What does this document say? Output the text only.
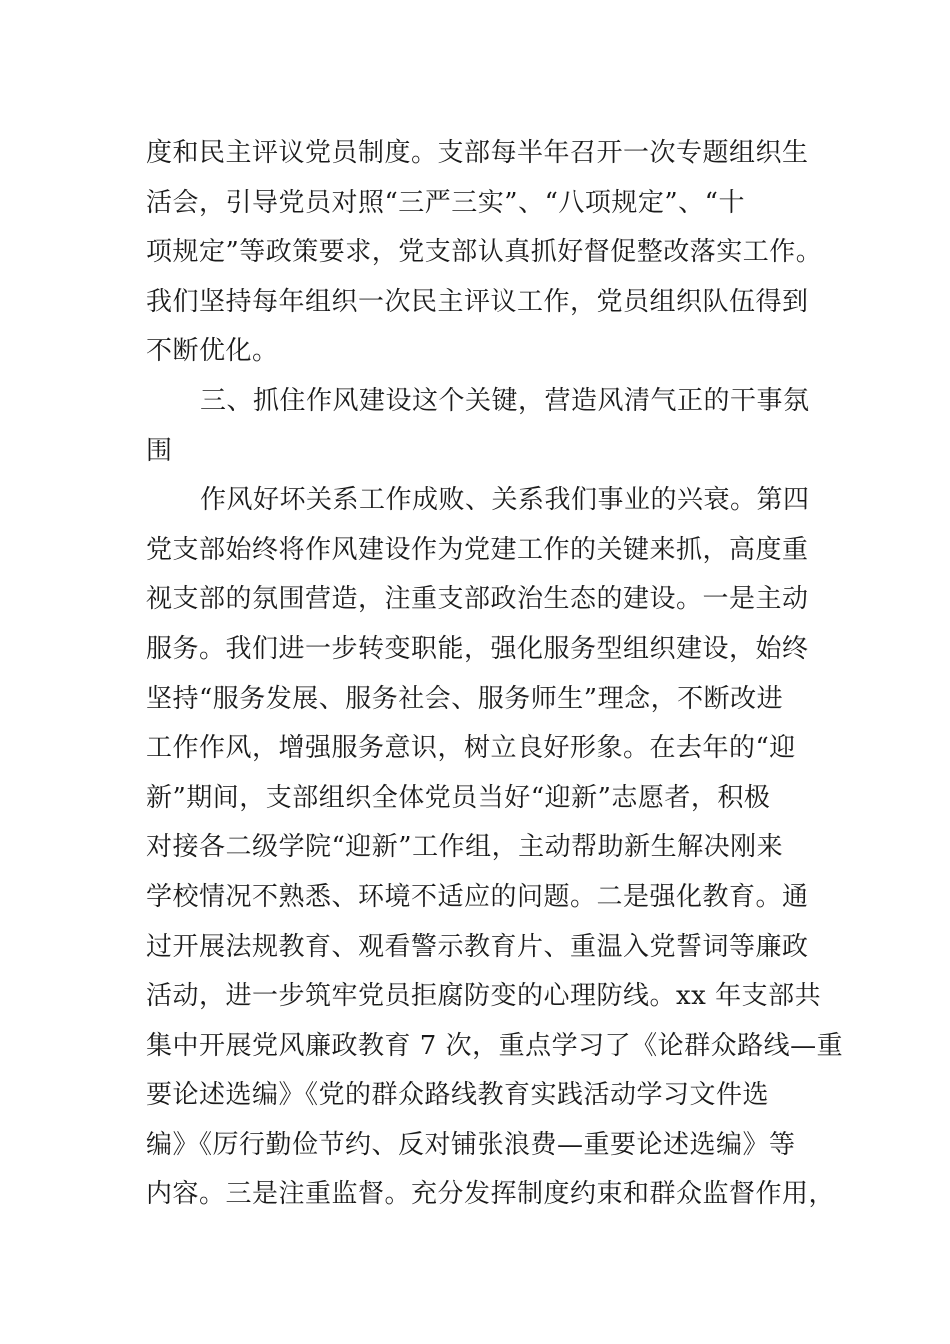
度和民主评议党员制度。支部每半年召开一次专题组织生
活会，引导党员对照“三严三实”、“八项规定”、“十
项规定”等政策要求，党支部认真抓好督促整改落实工作。
我们坚持每年组织一次民主评议工作，党员组织队伍得到
不断优化。
三、抓住作风建设这个关键，营造风清气正的干事氛
围
作风好坏关系工作成败、关系我们事业的兴衰。第四
党支部始终将作风建设作为党建工作的关键来抓，高度重
视支部的氛围营造，注重支部政治生态的建设。一是主动
服务。我们进一步转变职能，强化服务型组织建设，始终
坚持“服务发展、服务社会、服务师生”理念，不断改进
工作作风，增强服务意识，树立良好形象。在去年的“迎
新”期间，支部组织全体党员当好“迎新”志愿者，积极
对接各二级学院“迎新”工作组，主动帮助新生解决刚来
学校情况不熟悉、环境不适应的问题。二是强化教育。通
过开展法规教育、观看警示教育片、重温入党誓词等廉政
活动，进一步筑牢党员拒腐防变的心理防线。xx 年支部共
集中开展党风廉政教育 7 次，重点学习了《论群众路线—重
要论述选编》《党的群众路线教育实践活动学习文件选
编》《厉行勤俭节约、反对铺张浪费—重要论述选编》等
内容。三是注重监督。充分发挥制度约束和群众监督作用，
